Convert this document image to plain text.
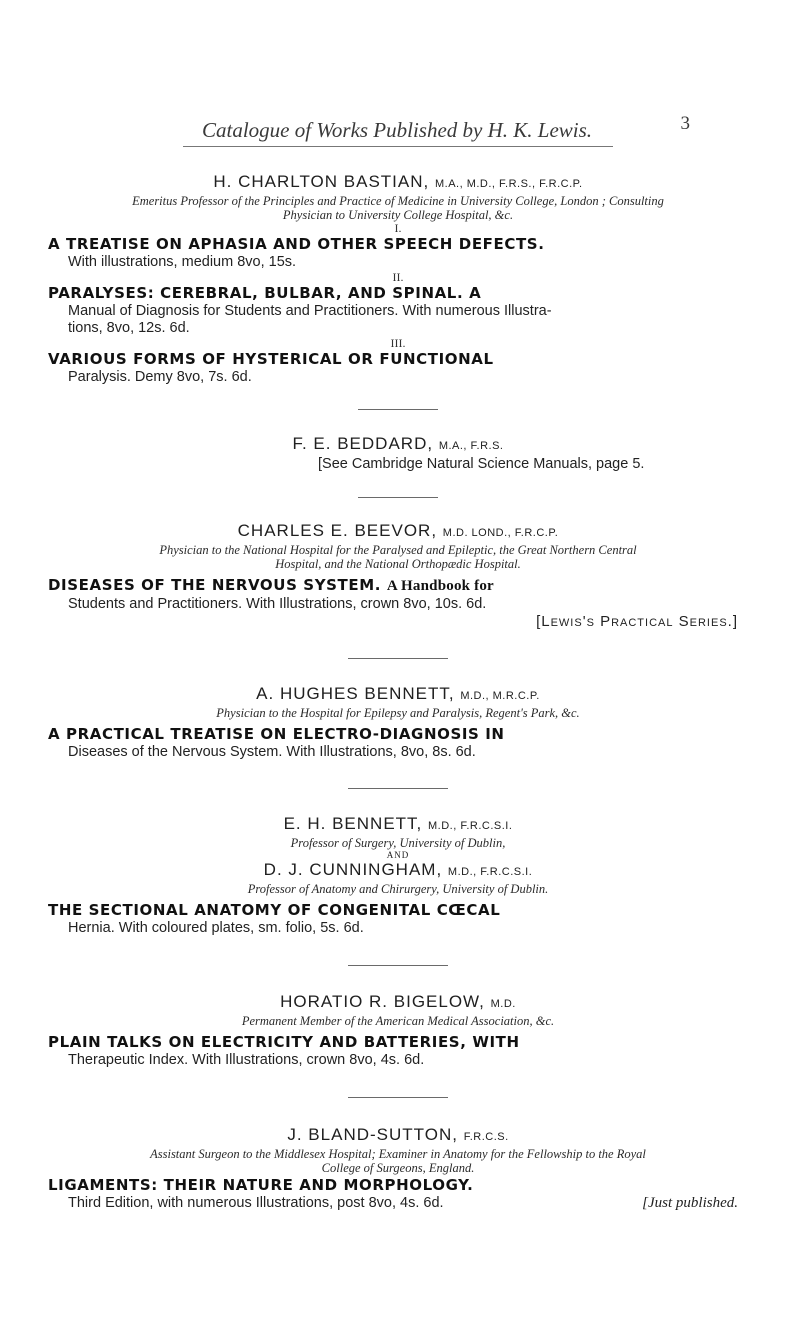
Catalogue of Works Published by H. K. Lewis.	3
H. CHARLTON BASTIAN, M.A., M.D., F.R.S., F.R.C.P.
Emeritus Professor of the Principles and Practice of Medicine in University College, London ; Consulting
Physician to University College Hospital, &c.
I.
A TREATISE ON APHASIA AND OTHER SPEECH DEFECTS.
With illustrations, medium 8vo, 15s.
II.
PARALYSES: CEREBRAL, BULBAR, AND SPINAL. A
Manual of Diagnosis for Students and Practitioners. With numerous Illustra-
tions, 8vo, 12s. 6d.
III.
VARIOUS FORMS OF HYSTERICAL OR FUNCTIONAL
Paralysis. Demy 8vo, 7s. 6d.
F. E. BEDDARD, M.A., F.R.S.
[See Cambridge Natural Science Manuals, page 5.
CHARLES E. BEEVOR, M.D. LOND., F.R.C.P.
Physician to the National Hospital for the Paralysed and Epileptic, the Great Northern Central
Hospital, and the National Orthopædic Hospital.
DISEASES OF THE NERVOUS SYSTEM. A Handbook for
Students and Practitioners. With Illustrations, crown 8vo, 10s. 6d.
[Lewis's Practical Series.]
A. HUGHES BENNETT, M.D., M.R.C.P.
Physician to the Hospital for Epilepsy and Paralysis, Regent's Park, &c.
A PRACTICAL TREATISE ON ELECTRO-DIAGNOSIS IN
Diseases of the Nervous System. With Illustrations, 8vo, 8s. 6d.
E. H. BENNETT, M.D., F.R.C.S.I.
Professor of Surgery, University of Dublin,
AND
D. J. CUNNINGHAM, M.D., F.R.C.S.I.
Professor of Anatomy and Chirurgery, University of Dublin.
THE SECTIONAL ANATOMY OF CONGENITAL CŒCAL
Hernia. With coloured plates, sm. folio, 5s. 6d.
HORATIO R. BIGELOW, M.D.
Permanent Member of the American Medical Association, &c.
PLAIN TALKS ON ELECTRICITY AND BATTERIES, WITH
Therapeutic Index. With Illustrations, crown 8vo, 4s. 6d.
J. BLAND-SUTTON, F.R.C.S.
Assistant Surgeon to the Middlesex Hospital; Examiner in Anatomy for the Fellowship to the Royal
College of Surgeons, England.
LIGAMENTS: THEIR NATURE AND MORPHOLOGY.
Third Edition, with numerous Illustrations, post 8vo, 4s. 6d.	[Just published.
